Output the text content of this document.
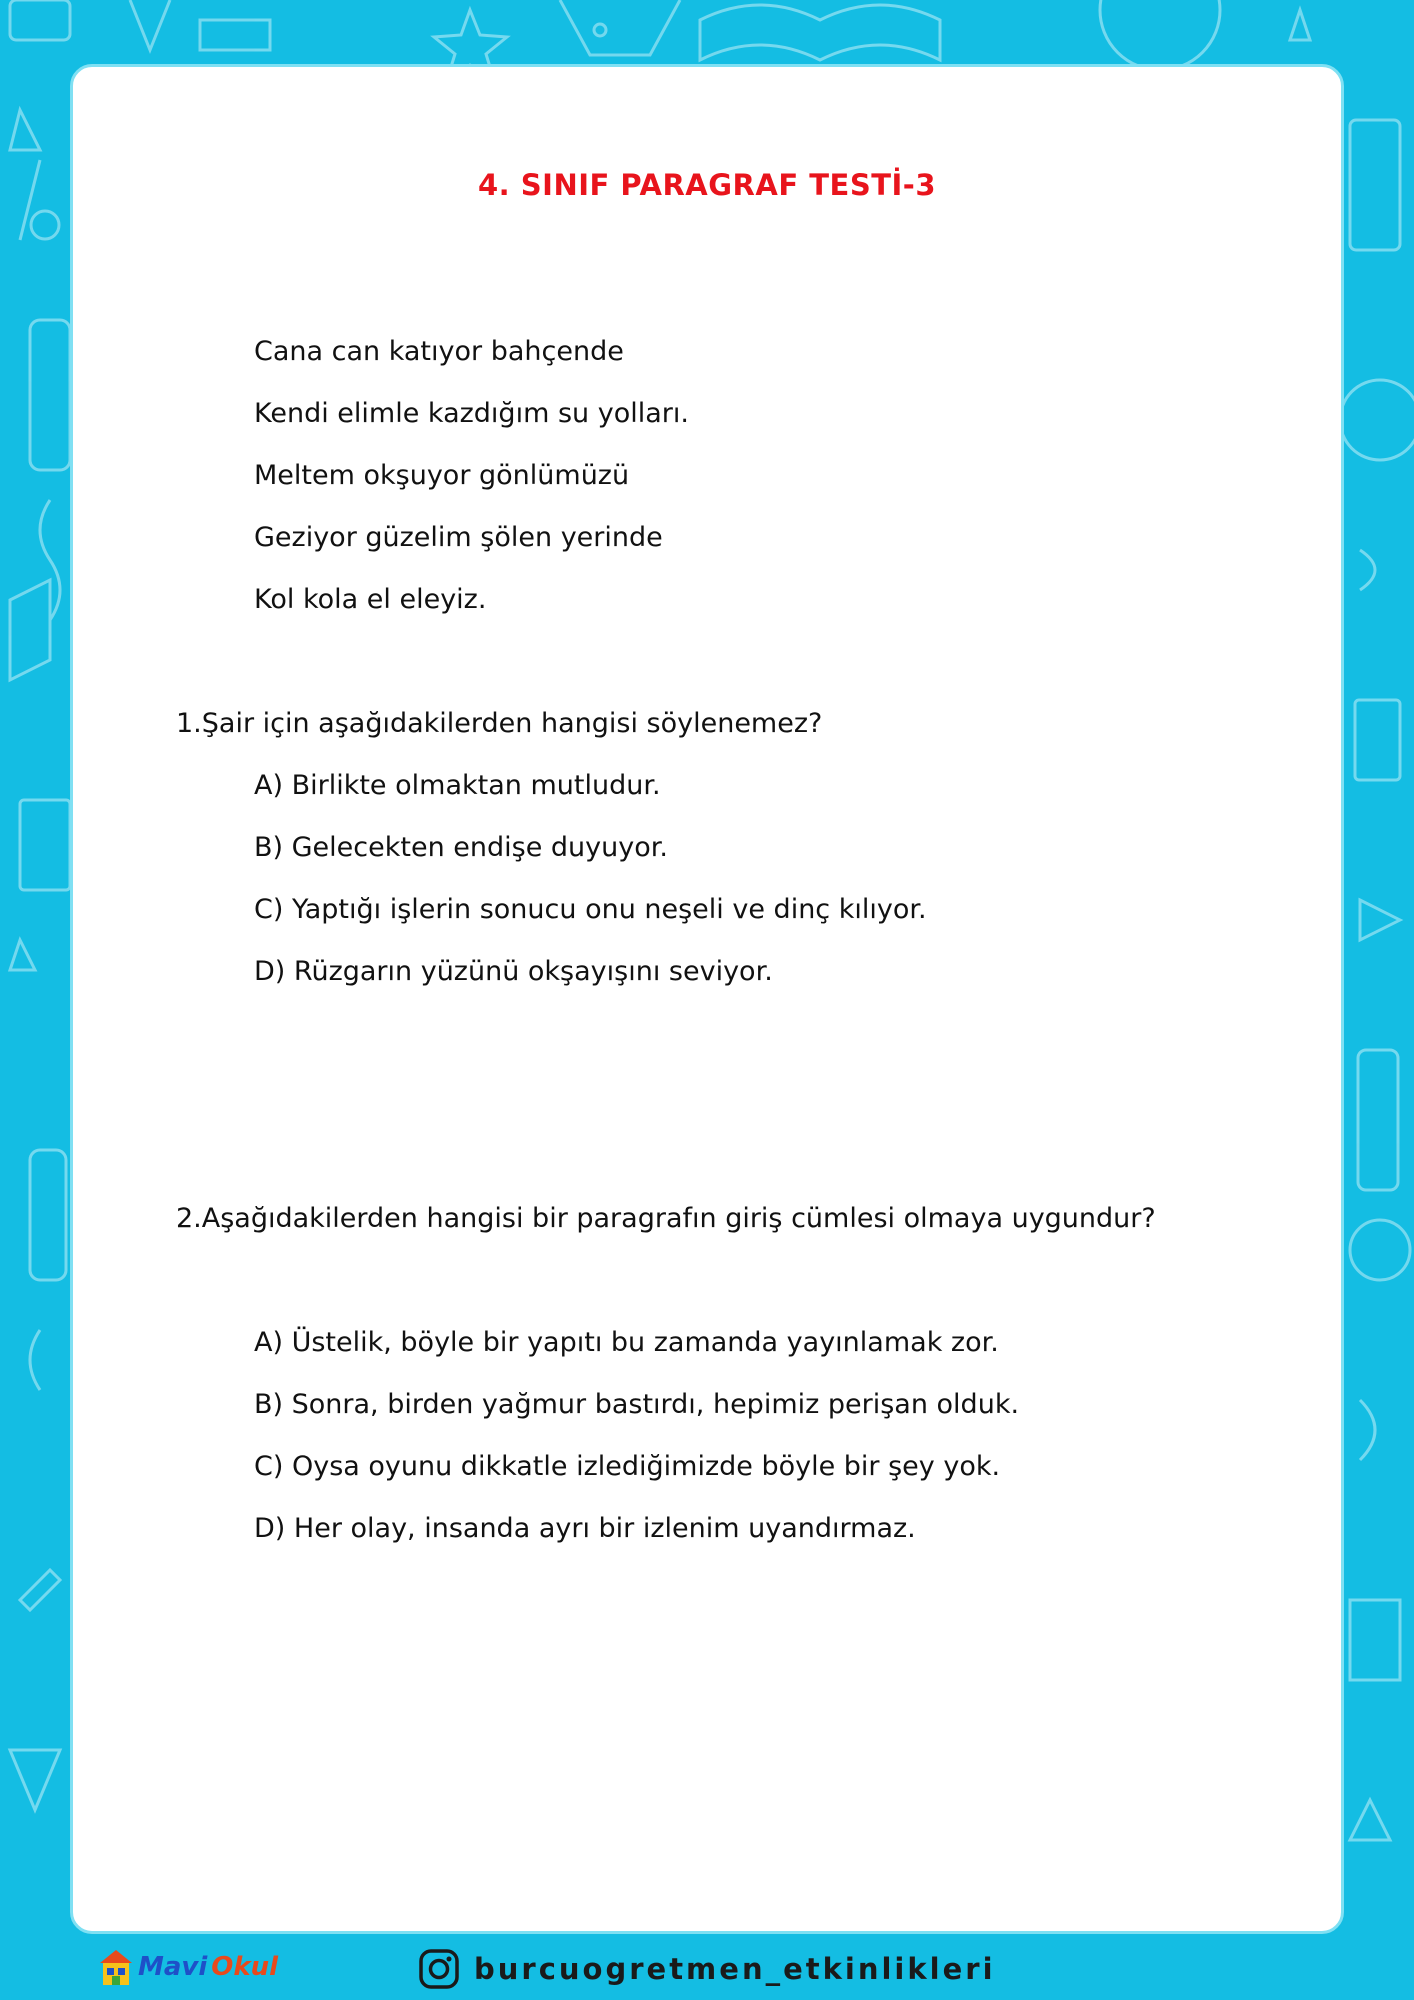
4. SINIF PARAGRAF TESTİ-3
Cana can katıyor bahçende
Kendi elimle kazdığım su yolları.
Meltem okşuyor gönlümüzü
Geziyor güzelim şölen yerinde
Kol kola el eleyiz.
1.Şair için aşağıdakilerden hangisi söylenemez?
A) Birlikte olmaktan mutludur.
B) Gelecekten endişe duyuyor.
C) Yaptığı işlerin sonucu onu neşeli ve dinç kılıyor.
D) Rüzgarın yüzünü okşayışını seviyor.
2.Aşağıdakilerden hangisi bir paragrafın giriş cümlesi olmaya uygundur?
A) Üstelik, böyle bir yapıtı bu zamanda yayınlamak zor.
B) Sonra, birden yağmur bastırdı, hepimiz perişan olduk.
C) Oysa oyunu dikkatle izlediğimizde böyle bir şey yok.
D) Her olay, insanda ayrı bir izlenim uyandırmaz.
Mavi Okul	burcuogretmen_etkinlikleri
